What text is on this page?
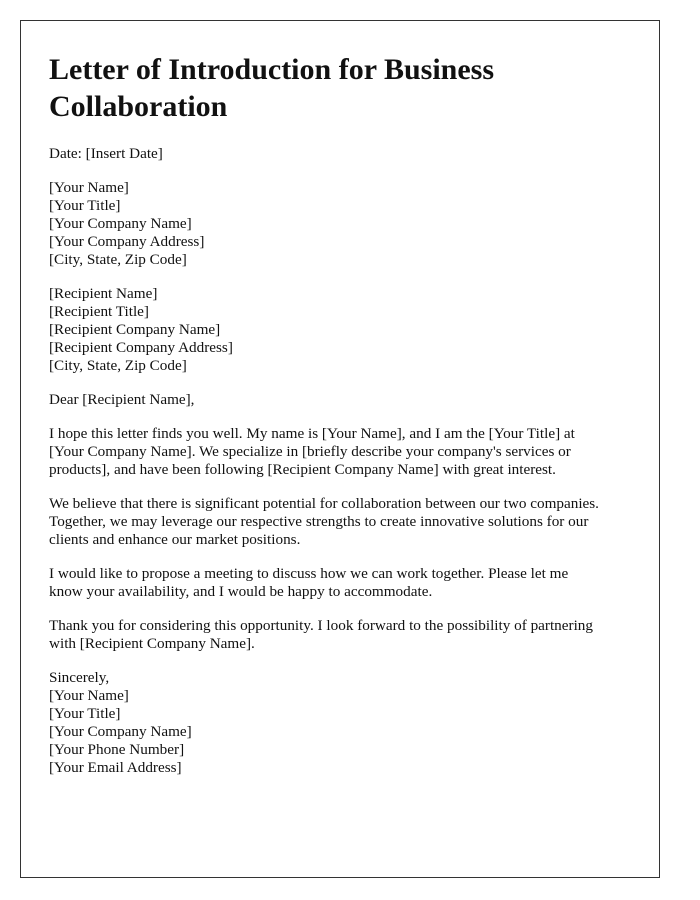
Letter of Introduction for Business Collaboration
Date: [Insert Date]
[Your Name]
[Your Title]
[Your Company Name]
[Your Company Address]
[City, State, Zip Code]
[Recipient Name]
[Recipient Title]
[Recipient Company Name]
[Recipient Company Address]
[City, State, Zip Code]
Dear [Recipient Name],
I hope this letter finds you well. My name is [Your Name], and I am the [Your Title] at
[Your Company Name]. We specialize in [briefly describe your company's services or
products], and have been following [Recipient Company Name] with great interest.
We believe that there is significant potential for collaboration between our two companies.
Together, we may leverage our respective strengths to create innovative solutions for our
clients and enhance our market positions.
I would like to propose a meeting to discuss how we can work together. Please let me
know your availability, and I would be happy to accommodate.
Thank you for considering this opportunity. I look forward to the possibility of partnering
with [Recipient Company Name].
Sincerely,
[Your Name]
[Your Title]
[Your Company Name]
[Your Phone Number]
[Your Email Address]
